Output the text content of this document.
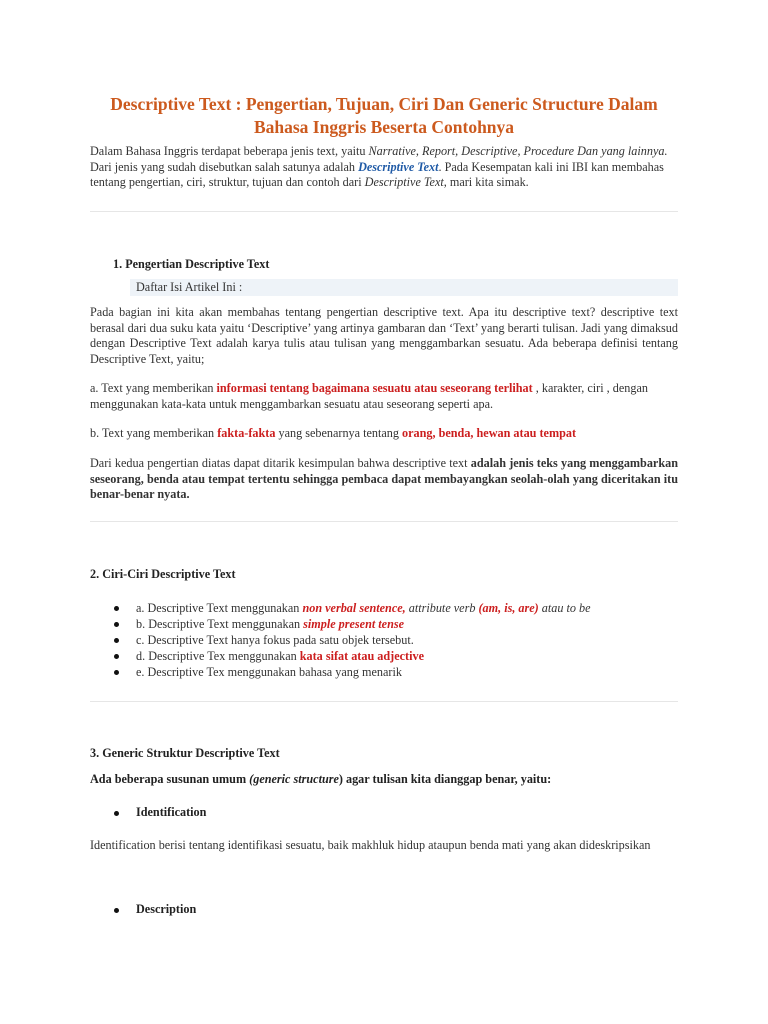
Descriptive Text : Pengertian, Tujuan, Ciri Dan Generic Structure Dalam Bahasa Inggris Beserta Contohnya
Dalam Bahasa Inggris terdapat beberapa jenis text, yaitu Narrative, Report, Descriptive, Procedure Dan yang lainnya. Dari jenis yang sudah disebutkan salah satunya adalah Descriptive Text. Pada Kesempatan kali ini IBI kan membahas tentang pengertian, ciri, struktur, tujuan dan contoh dari Descriptive Text, mari kita simak.
1. Pengertian Descriptive Text
Daftar Isi Artikel Ini :
Pada bagian ini kita akan membahas tentang pengertian descriptive text. Apa itu descriptive text? descriptive text berasal dari dua suku kata yaitu ‘Descriptive’ yang artinya gambaran dan ‘Text’ yang berarti tulisan. Jadi yang dimaksud dengan Descriptive Text adalah karya tulis atau tulisan yang menggambarkan sesuatu. Ada beberapa definisi tentang Descriptive Text, yaitu;
a. Text yang memberikan informasi tentang bagaimana sesuatu atau seseorang terlihat , karakter, ciri , dengan menggunakan kata-kata untuk menggambarkan sesuatu atau seseorang seperti apa.
b. Text yang memberikan fakta-fakta yang sebenarnya tentang orang, benda, hewan atau tempat
Dari kedua pengertian diatas dapat ditarik kesimpulan bahwa descriptive text adalah jenis teks yang menggambarkan seseorang, benda atau tempat tertentu sehingga pembaca dapat membayangkan seolah-olah yang diceritakan itu benar-benar nyata.
2. Ciri-Ciri Descriptive Text
a. Descriptive Text menggunakan non verbal sentence, attribute verb (am, is, are) atau to be
b. Descriptive Text menggunakan simple present tense
c. Descriptive Text hanya fokus pada satu objek tersebut.
d. Descriptive Tex menggunakan kata sifat atau adjective
e. Descriptive Tex menggunakan bahasa yang menarik
3. Generic Struktur Descriptive Text
Ada beberapa susunan umum (generic structure) agar tulisan kita dianggap benar, yaitu:
Identification
Identification berisi tentang identifikasi sesuatu, baik makhluk hidup ataupun benda mati yang akan dideskripsikan
Description
